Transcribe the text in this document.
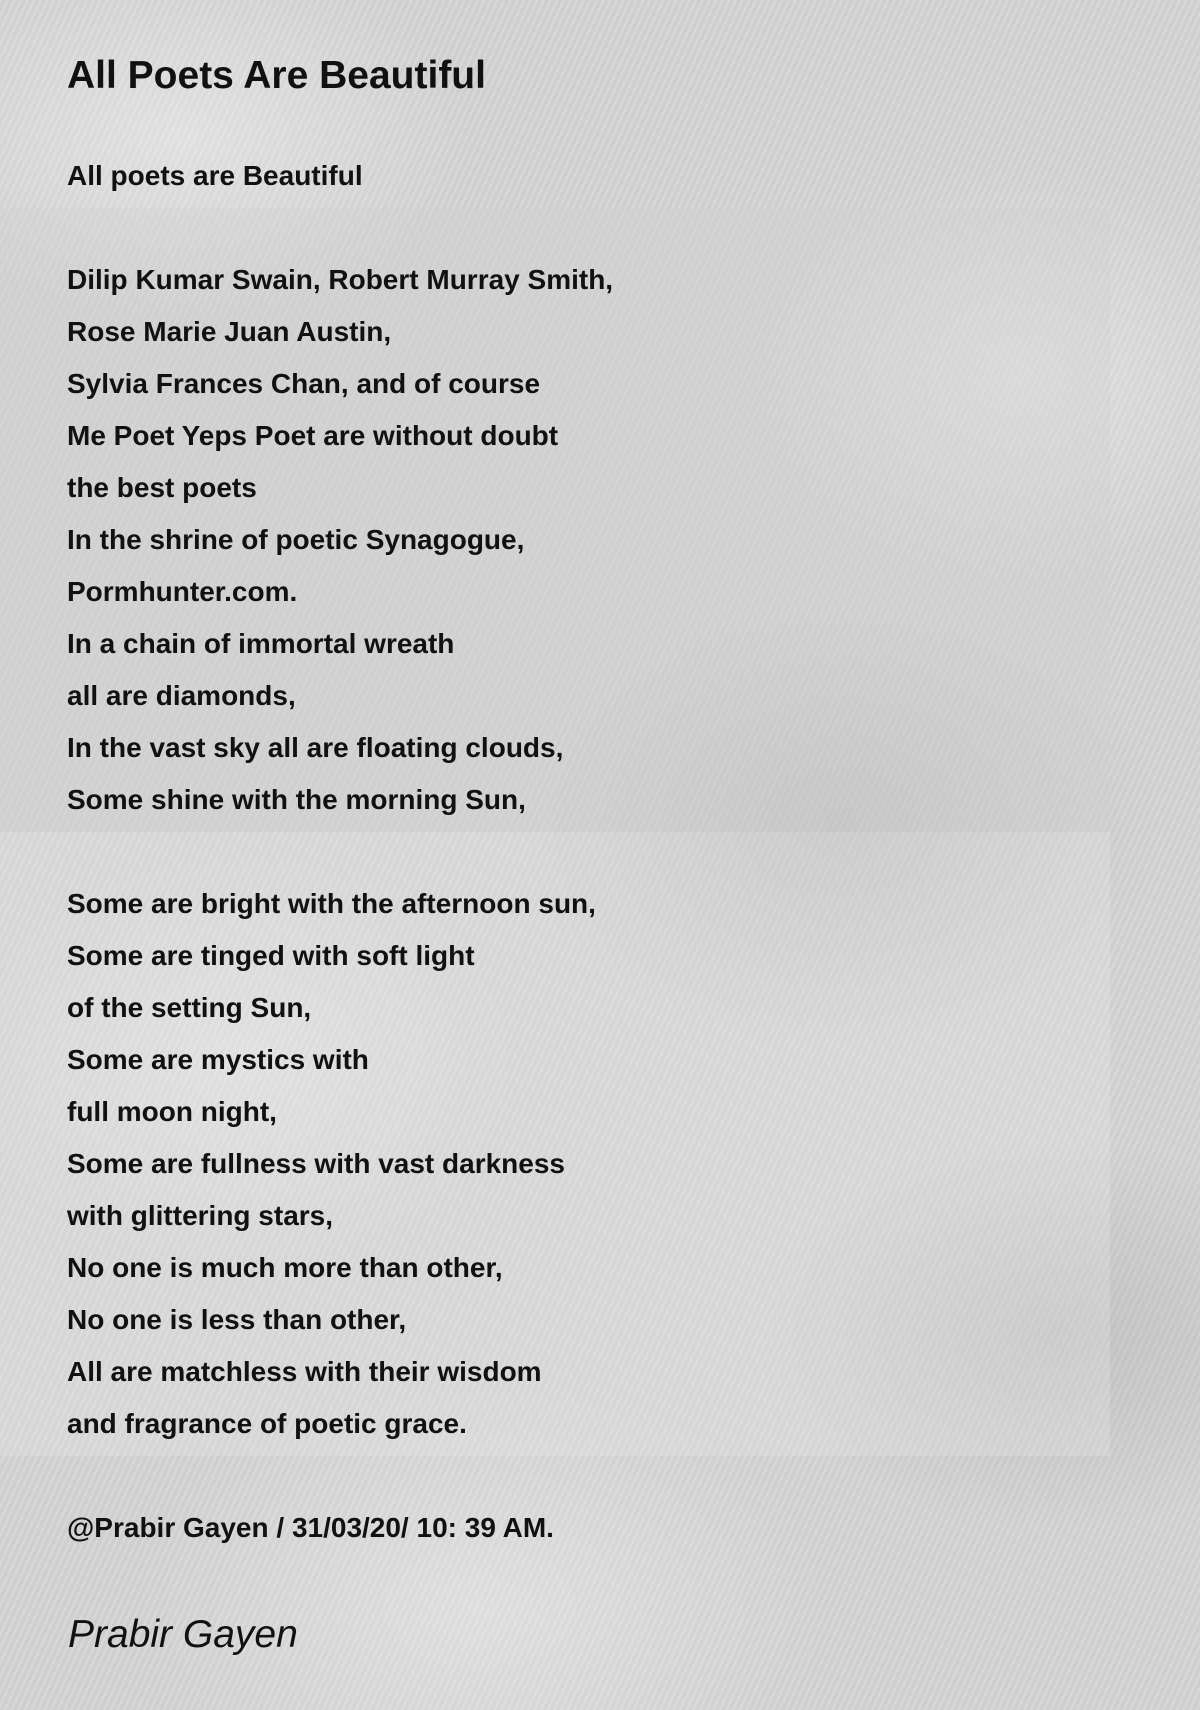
All Poets Are Beautiful
All poets are Beautiful
Dilip Kumar Swain, Robert Murray Smith,
Rose Marie Juan Austin,
Sylvia Frances Chan, and of course
Me Poet Yeps Poet are without doubt
the best poets
In the shrine of poetic Synagogue,
Pormhunter.com.
In a chain of immortal wreath
all are diamonds,
In the vast sky all are floating clouds,
Some shine with the morning Sun,
Some are bright with the afternoon sun,
Some are tinged with soft light
of the setting Sun,
Some are mystics with
full moon night,
Some are fullness with vast darkness
with glittering stars,
No one is much more than other,
No one is less than other,
All are matchless with their wisdom
and fragrance of poetic grace.
@Prabir Gayen / 31/03/20/ 10: 39 AM.
Prabir Gayen
